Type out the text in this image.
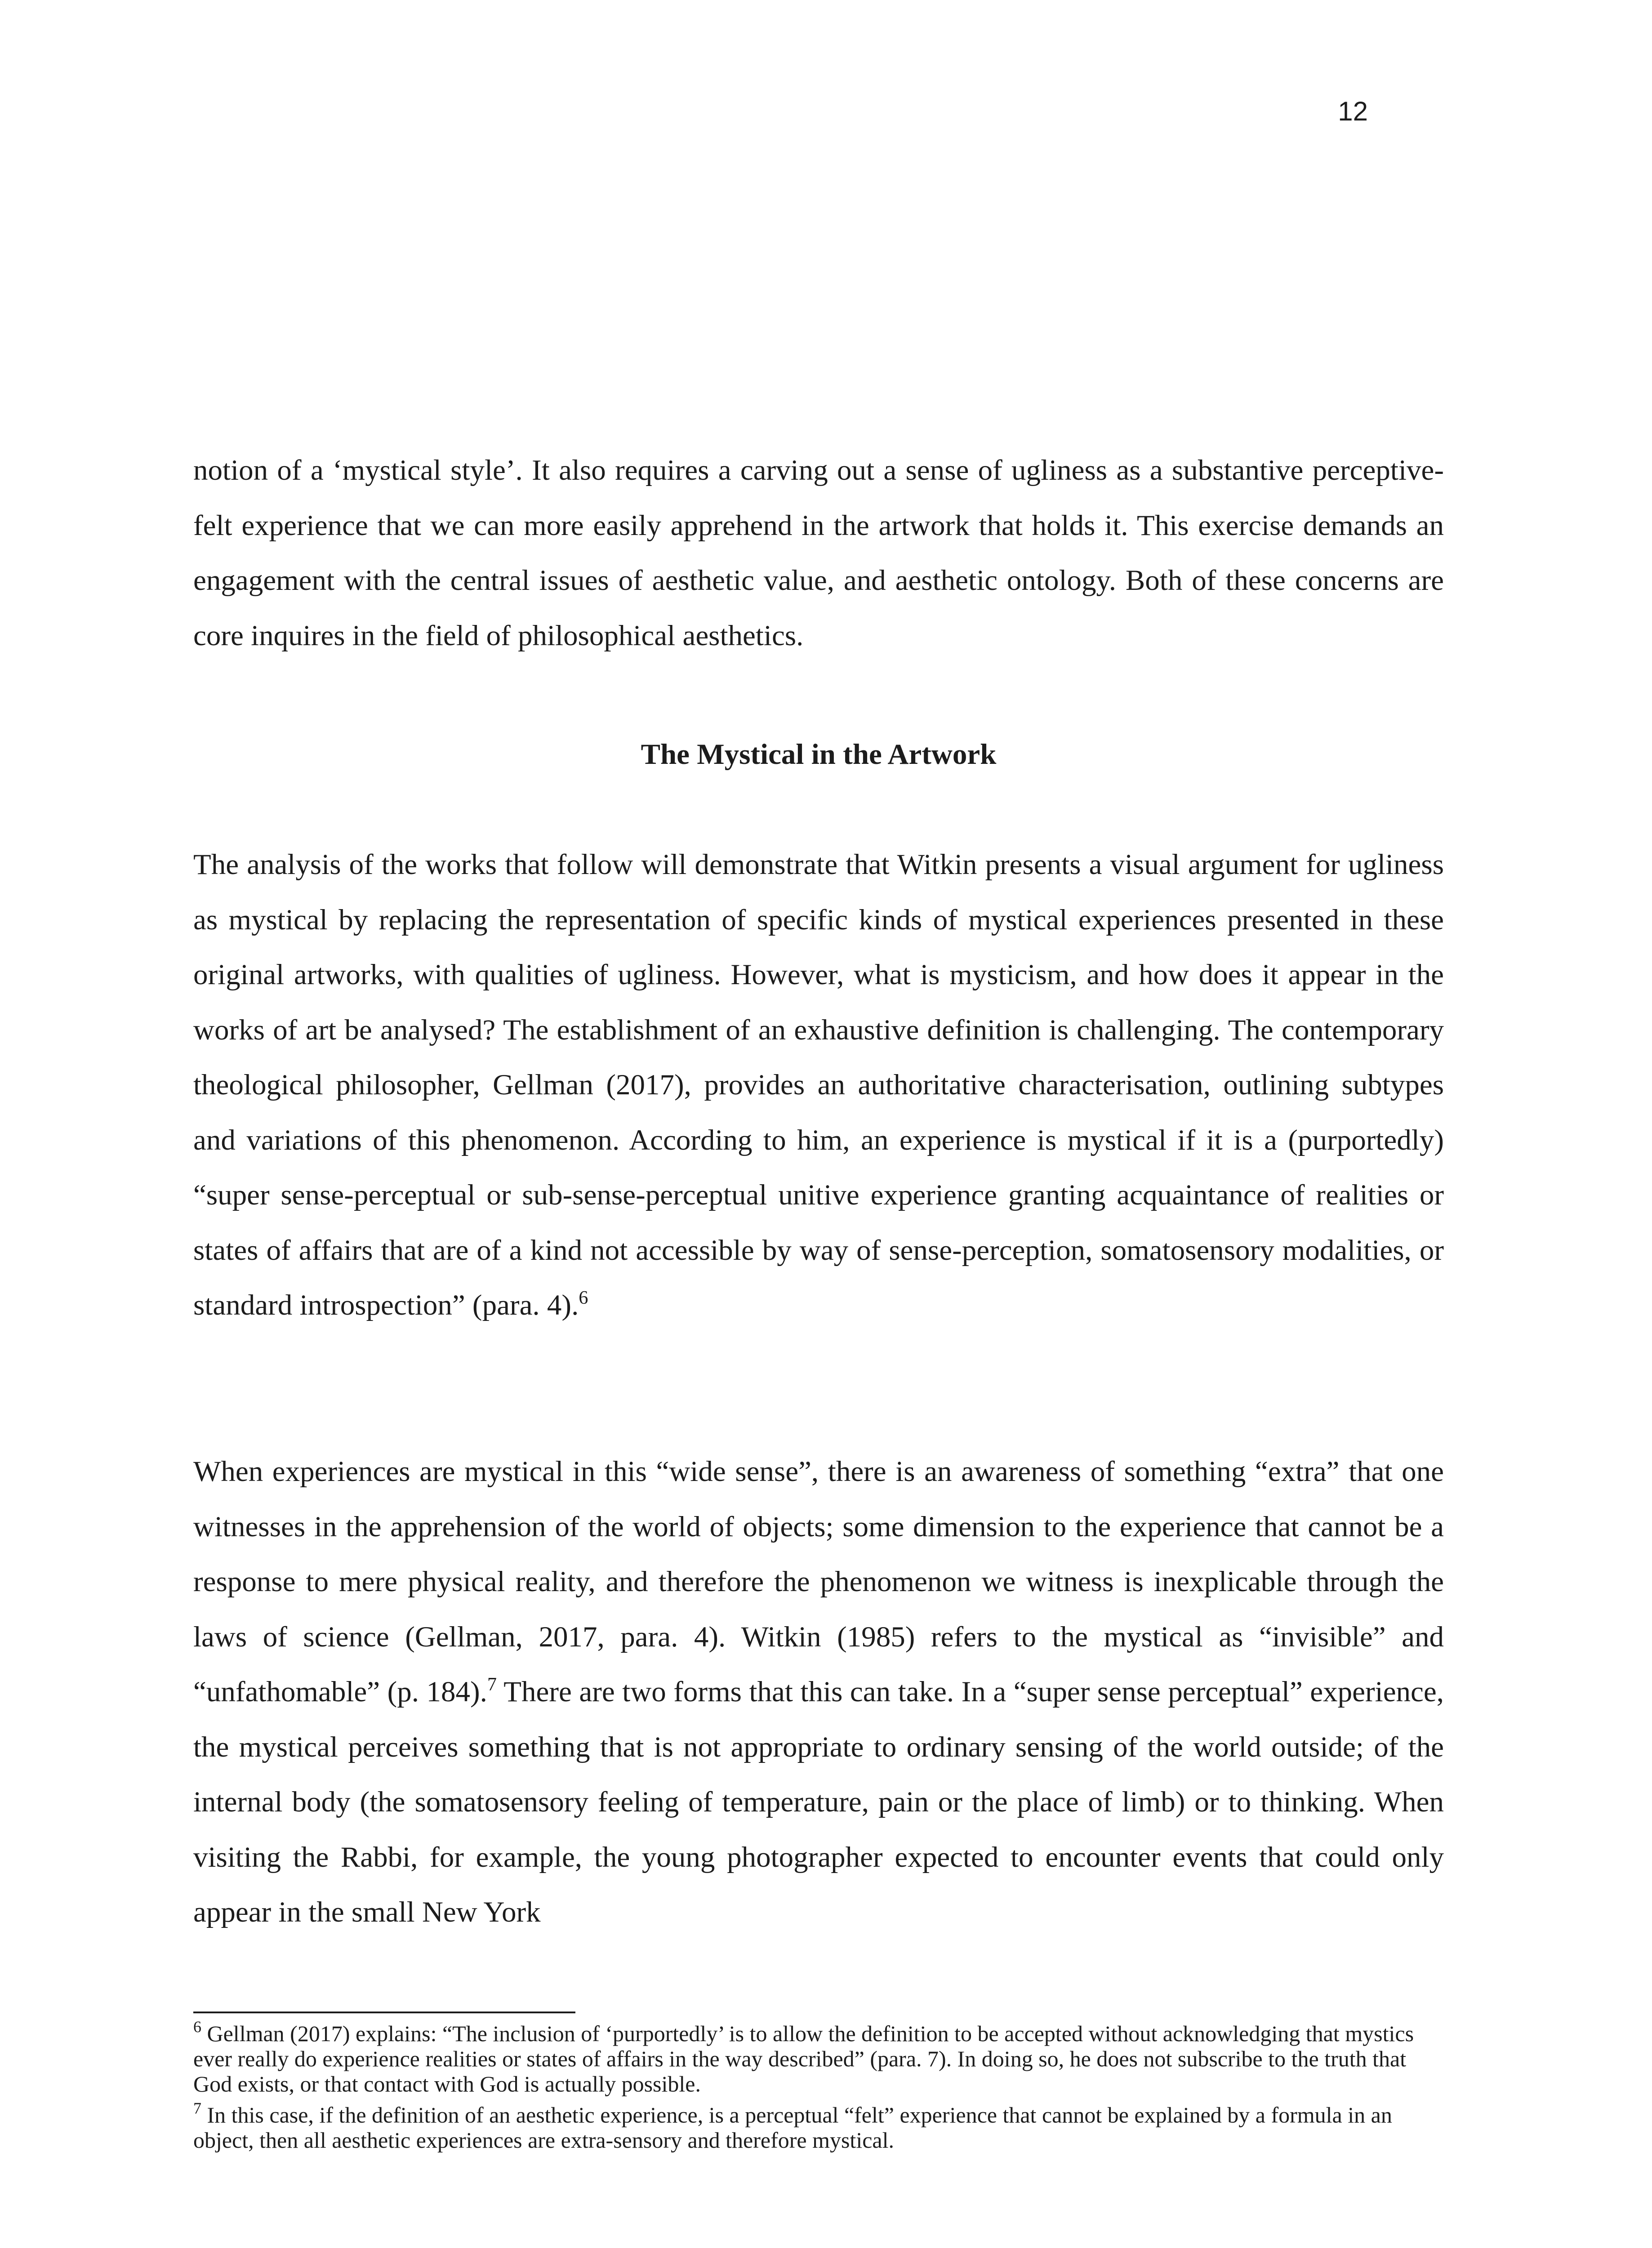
12

notion of a ‘mystical style’. It also requires a carving out a sense of ugliness as a substantive perceptive-felt experience that we can more easily apprehend in the artwork that holds it. This exercise demands an engagement with the central issues of aesthetic value, and aesthetic ontology. Both of these concerns are core inquires in the field of philosophical aesthetics.

The Mystical in the Artwork

The analysis of the works that follow will demonstrate that Witkin presents a visual argument for ugliness as mystical by replacing the representation of specific kinds of mystical experiences presented in these original artworks, with qualities of ugliness. However, what is mysticism, and how does it appear in the works of art be analysed? The establishment of an exhaustive definition is challenging. The contemporary theological philosopher, Gellman (2017), provides an authoritative characterisation, outlining subtypes and variations of this phenomenon. According to him, an experience is mystical if it is a (purportedly) “super sense-perceptual or sub-sense-perceptual unitive experience granting acquaintance of realities or states of affairs that are of a kind not accessible by way of sense-perception, somatosensory modalities, or standard introspection” (para. 4).$^6$

When experiences are mystical in this “wide sense”, there is an awareness of something “extra” that one witnesses in the apprehension of the world of objects; some dimension to the experience that cannot be a response to mere physical reality, and therefore the phenomenon we witness is inexplicable through the laws of science (Gellman, 2017, para. 4). Witkin (1985) refers to the mystical as “invisible” and “unfathomable” (p. 184).$^7$ There are two forms that this can take. In a “super sense perceptual” experience, the mystical perceives something that is not appropriate to ordinary sensing of the world outside; of the internal body (the somatosensory feeling of temperature, pain or the place of limb) or to thinking. When visiting the Rabbi, for example, the young photographer expected to encounter events that could only appear in the small New York

$^6$ Gellman (2017) explains: “The inclusion of ‘purportedly’ is to allow the definition to be accepted without acknowledging that mystics ever really do experience realities or states of affairs in the way described” (para. 7). In doing so, he does not subscribe to the truth that God exists, or that contact with God is actually possible.

$^7$ In this case, if the definition of an aesthetic experience, is a perceptual “felt” experience that cannot be explained by a formula in an object, then all aesthetic experiences are extra-sensory and therefore mystical.
